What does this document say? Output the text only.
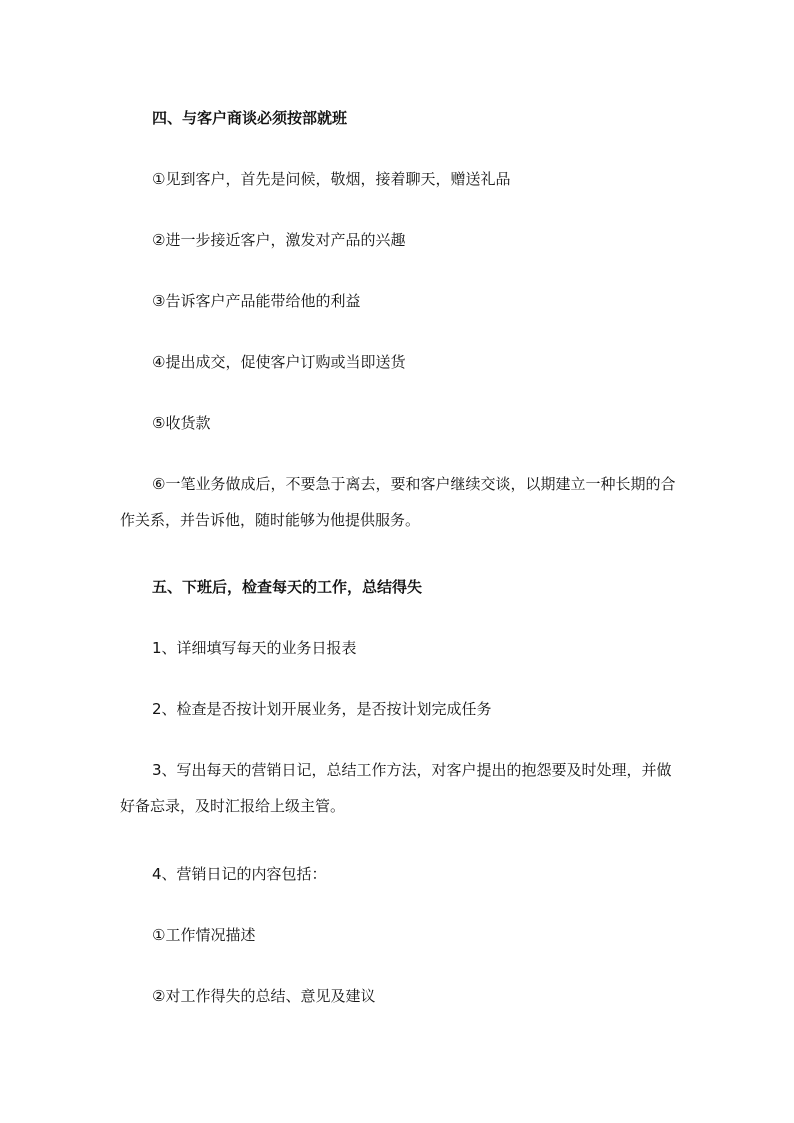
四、与客户商谈必须按部就班

①见到客户，首先是问候，敬烟，接着聊天，赠送礼品

②进一步接近客户，激发对产品的兴趣

③告诉客户产品能带给他的利益

④提出成交，促使客户订购或当即送货

⑤收货款

⑥一笔业务做成后，不要急于离去，要和客户继续交谈，以期建立一种长期的合作关系，并告诉他，随时能够为他提供服务。

五、下班后，检查每天的工作，总结得失

1、详细填写每天的业务日报表

2、检查是否按计划开展业务，是否按计划完成任务

3、写出每天的营销日记，总结工作方法，对客户提出的抱怨要及时处理，并做好备忘录，及时汇报给上级主管。

4、营销日记的内容包括：

①工作情况描述

②对工作得失的总结、意见及建议
